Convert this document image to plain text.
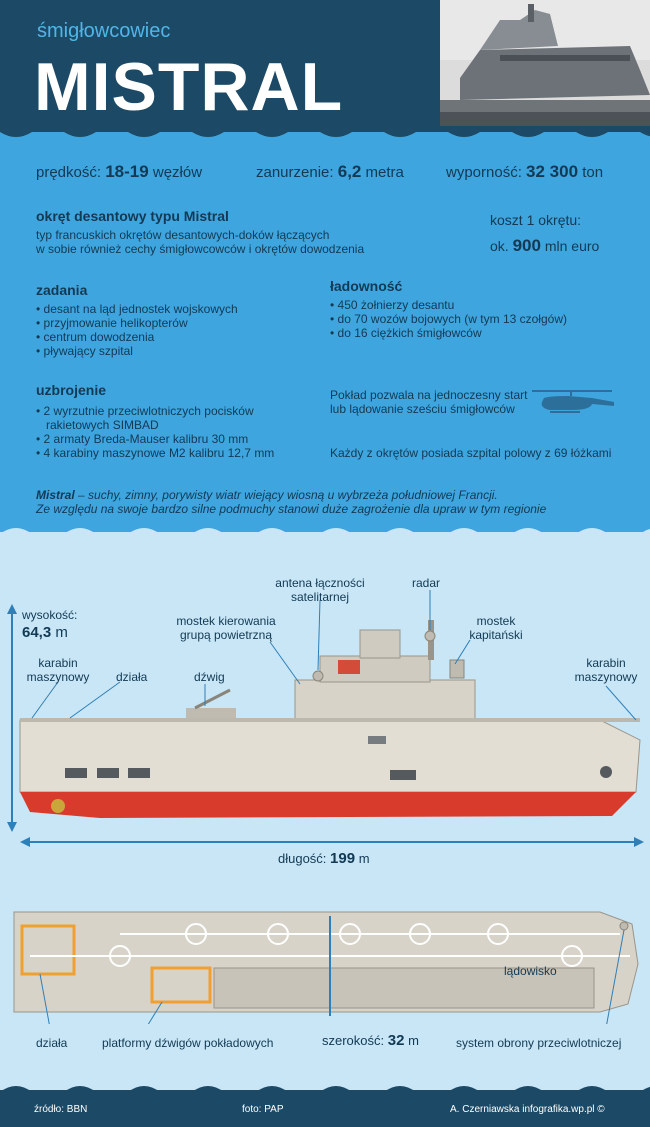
śmigłowcowiec
MISTRAL
prędkość: 18-19 węzłów	zanurzenie: 6,2 metra	wyporność: 32 300 ton
okręt desantowy typu Mistral
typ francuskich okrętów desantowych-doków łączących
w sobie również cechy śmigłowcowców i okrętów dowodzenia
koszt 1 okrętu:
ok. 900 mln euro
zadania
• desant na ląd jednostek wojskowych
• przyjmowanie helikopterów
• centrum dowodzenia
• pływający szpital
ładowność
• 450 żołnierzy desantu
• do 70 wozów bojowych (w tym 13 czołgów)
• do 16 ciężkich śmigłowców
uzbrojenie
• 2 wyrzutnie przeciwlotniczych pocisków
rakietowych SIMBAD
• 2 armaty Breda-Mauser kalibru 30 mm
• 4 karabiny maszynowe M2 kalibru 12,7 mm
Pokład pozwala na jednoczesny start
lub lądowanie sześciu śmigłowców
Każdy z okrętów posiada szpital polowy z 69 łóżkami
Mistral – suchy, zimny, porywisty wiatr wiejący wiosną u wybrzeża południowej Francji.
Ze względu na swoje bardzo silne podmuchy stanowi duże zagrożenie dla upraw w tym regionie
wysokość:
64,3 m
antena łączności
satelitarnej
radar
mostek kierowania
grupą powietrzną
mostek
kapitański
karabin
maszynowy
karabin
maszynowy
działa	dźwig
długość: 199 m
lądowisko
działa	platformy dźwigów pokładowych	szerokość: 32 m	system obrony przeciwlotniczej
źródło: BBN	foto: PAP	A. Czerniawska infografika.wp.pl ©
